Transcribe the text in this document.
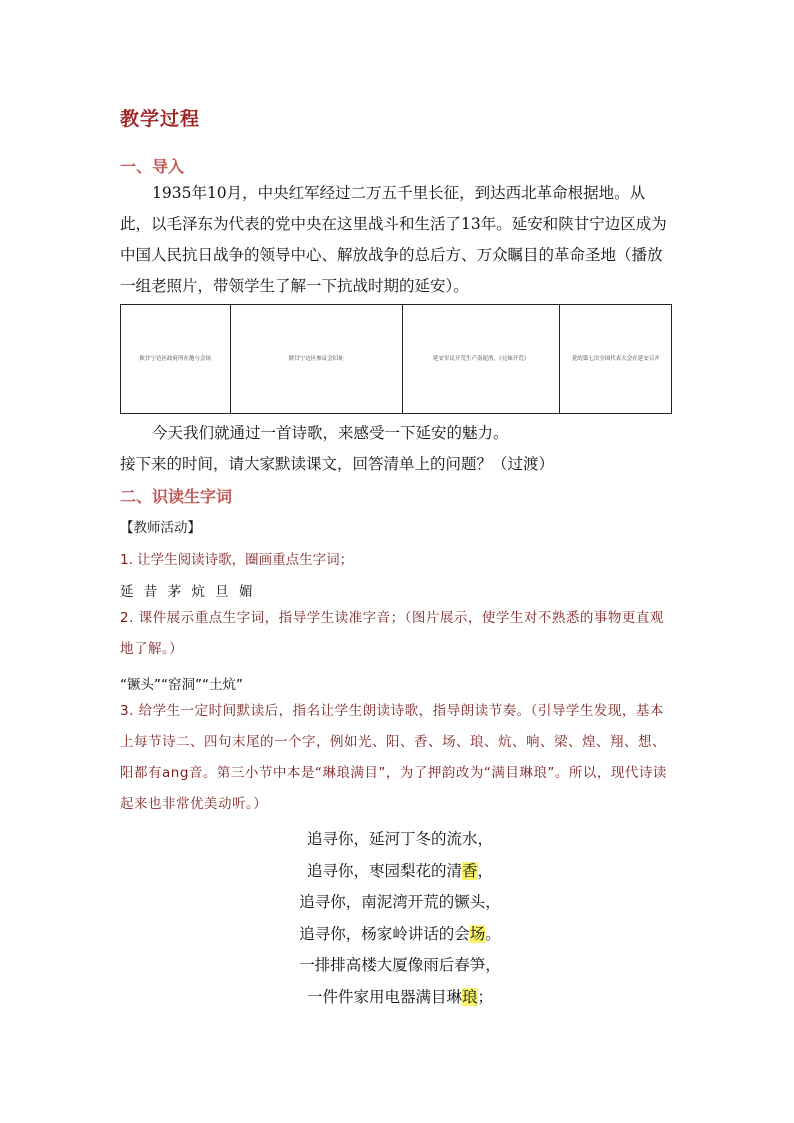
教学过程
一、导入
1935年10月，中央红军经过二万五千里长征，到达西北革命根据地。从此，以毛泽东为代表的党中央在这里战斗和生活了13年。延安和陕甘宁边区成为中国人民抗日战争的领导中心、解放战争的总后方、万众瞩目的革命圣地（播放一组老照片，带领学生了解一下抗战时期的延安）。
陕甘宁边区政府所在地与会场	陕甘宁边区参议会旧址	延安军民开荒生产南泥湾，《兄妹开荒》	党的第七次全国代表大会在延安召开
今天我们就通过一首诗歌，来感受一下延安的魅力。
接下来的时间，请大家默读课文，回答清单上的问题？（过渡）
二、识读生字词
【教师活动】
1. 让学生阅读诗歌，圈画重点生字词；
延 昔 茅 炕 旦 媚
2. 课件展示重点生字词，指导学生读准字音；（图片展示，使学生对不熟悉的事物更直观地了解。）
“镢头”“窑洞”“土炕”
3. 给学生一定时间默读后，指名让学生朗读诗歌，指导朗读节奏。（引导学生发现，基本上每节诗二、四句末尾的一个字，例如光、阳、香、场、琅、炕、响、梁、煌、翔、想、阳都有ang音。第三小节中本是“琳琅满目”，为了押韵改为“满目琳琅”。所以，现代诗读起来也非常优美动听。）
追寻你，延河丁冬的流水，
追寻你，枣园梨花的清香，
追寻你，南泥湾开荒的镢头，
追寻你，杨家岭讲话的会场。
一排排高楼大厦像雨后春笋，
一件件家用电器满目琳琅；
